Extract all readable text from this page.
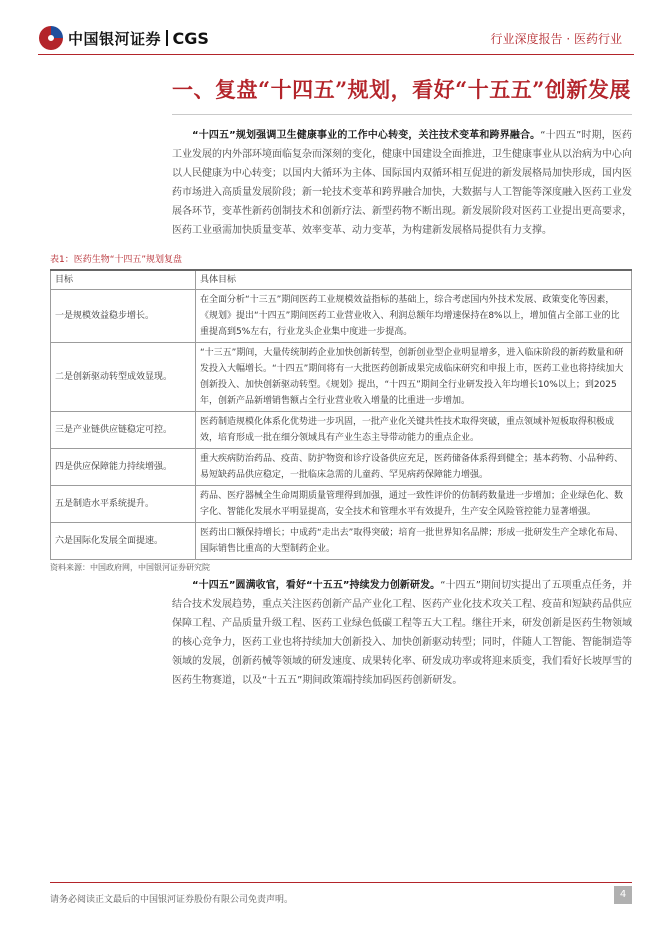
中国银河证券 CGS	行业深度报告 · 医药行业
一、复盘“十四五”规划，看好“十五五”创新发展

“十四五”规划强调卫生健康事业的工作中心转变，关注技术变革和跨界融合。“十四五”时期，医药工业发展的内外部环境面临复杂而深刻的变化，健康中国建设全面推进，卫生健康事业从以治病为中心向以人民健康为中心转变；以国内大循环为主体、国际国内双循环相互促进的新发展格局加快形成，国内医药市场进入高质量发展阶段；新一轮技术变革和跨界融合加快，大数据与人工智能等深度融入医药工业发展各环节，变革性新药创制技术和创新疗法、新型药物不断出现。新发展阶段对医药工业提出更高要求，医药工业亟需加快质量变革、效率变革、动力变革，为构建新发展格局提供有力支撑。

表1：医药生物“十四五”规划复盘
目标	具体目标
一是规模效益稳步增长。	在全面分析“十三五”期间医药工业规模效益指标的基础上，综合考虑国内外技术发展、政策变化等因素，《规划》提出“十四五”期间医药工业营业收入、利润总额年均增速保持在8%以上，增加值占全部工业的比重提高到5%左右，行业龙头企业集中度进一步提高。
二是创新驱动转型成效显现。	“十三五”期间，大量传统制药企业加快创新转型，创新创业型企业明显增多，进入临床阶段的新药数量和研发投入大幅增长。“十四五”期间将有一大批医药创新成果完成临床研究和申报上市，医药工业也将持续加大创新投入、加快创新驱动转型。《规划》提出，“十四五”期间全行业研发投入年均增长10%以上；到2025年，创新产品新增销售额占全行业营业收入增量的比重进一步增加。
三是产业链供应链稳定可控。	医药制造规模化体系化优势进一步巩固，一批产业化关键共性技术取得突破，重点领域补短板取得积极成效，培育形成一批在细分领域具有产业生态主导带动能力的重点企业。
四是供应保障能力持续增强。	重大疾病防治药品、疫苗、防护物资和诊疗设备供应充足，医药储备体系得到健全；基本药物、小品种药、易短缺药品供应稳定，一批临床急需的儿童药、罕见病药保障能力增强。
五是制造水平系统提升。	药品、医疗器械全生命周期质量管理得到加强，通过一致性评价的仿制药数量进一步增加；企业绿色化、数字化、智能化发展水平明显提高，安全技术和管理水平有效提升，生产安全风险管控能力显著增强。
六是国际化发展全面提速。	医药出口额保持增长；中成药“走出去”取得突破；培育一批世界知名品牌；形成一批研发生产全球化布局、国际销售比重高的大型制药企业。
资料来源：中国政府网，中国银河证券研究院

“十四五”圆满收官，看好“十五五”持续发力创新研发。“十四五”期间切实提出了五项重点任务，并结合技术发展趋势，重点关注医药创新产品产业化工程、医药产业化技术攻关工程、疫苗和短缺药品供应保障工程、产品质量升级工程、医药工业绿色低碳工程等五大工程。继往开来，研发创新是医药生物领域的核心竞争力，医药工业也将持续加大创新投入、加快创新驱动转型；同时，伴随人工智能、智能制造等领域的发展，创新药械等领域的研发速度、成果转化率、研发成功率或将迎来质变，我们看好长坡厚雪的医药生物赛道，以及“十五五”期间政策端持续加码医药创新研发。

请务必阅读正文最后的中国银河证券股份有限公司免责声明。	4
